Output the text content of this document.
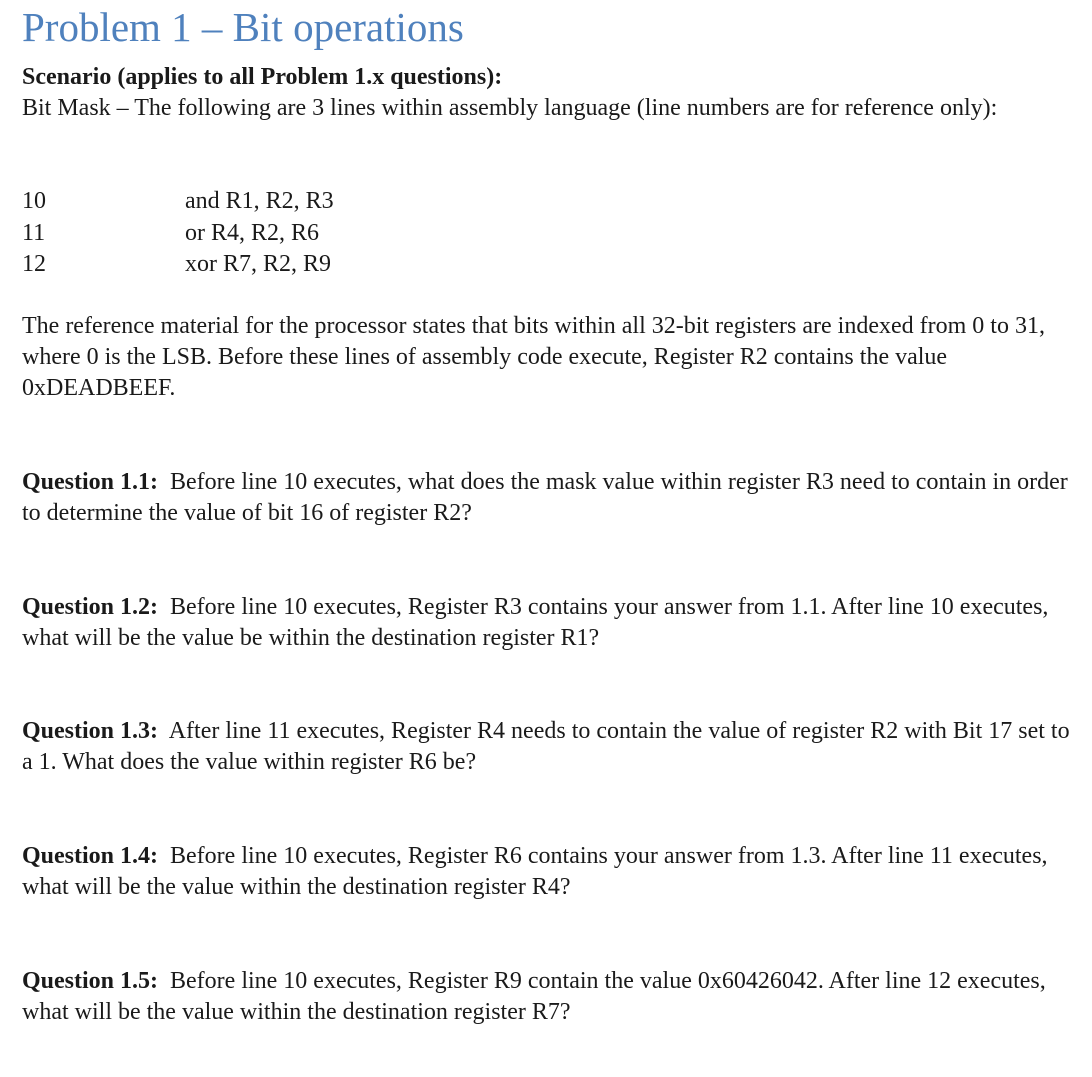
Problem 1 – Bit operations

Scenario (applies to all Problem 1.x questions):

Bit Mask – The following are 3 lines within assembly language (line numbers are for reference only):

10	and R1, R2, R3
11	or R4, R2, R6
12	xor R7, R2, R9

The reference material for the processor states that bits within all 32-bit registers are indexed from 0 to 31, where 0 is the LSB. Before these lines of assembly code execute, Register R2 contains the value 0xDEADBEEF.

Question 1.1: Before line 10 executes, what does the mask value within register R3 need to contain in order to determine the value of bit 16 of register R2?

Question 1.2: Before line 10 executes, Register R3 contains your answer from 1.1. After line 10 executes, what will be the value be within the destination register R1?

Question 1.3: After line 11 executes, Register R4 needs to contain the value of register R2 with Bit 17 set to a 1. What does the value within register R6 be?

Question 1.4: Before line 10 executes, Register R6 contains your answer from 1.3. After line 11 executes, what will be the value within the destination register R4?

Question 1.5: Before line 10 executes, Register R9 contain the value 0x60426042. After line 12 executes, what will be the value within the destination register R7?
